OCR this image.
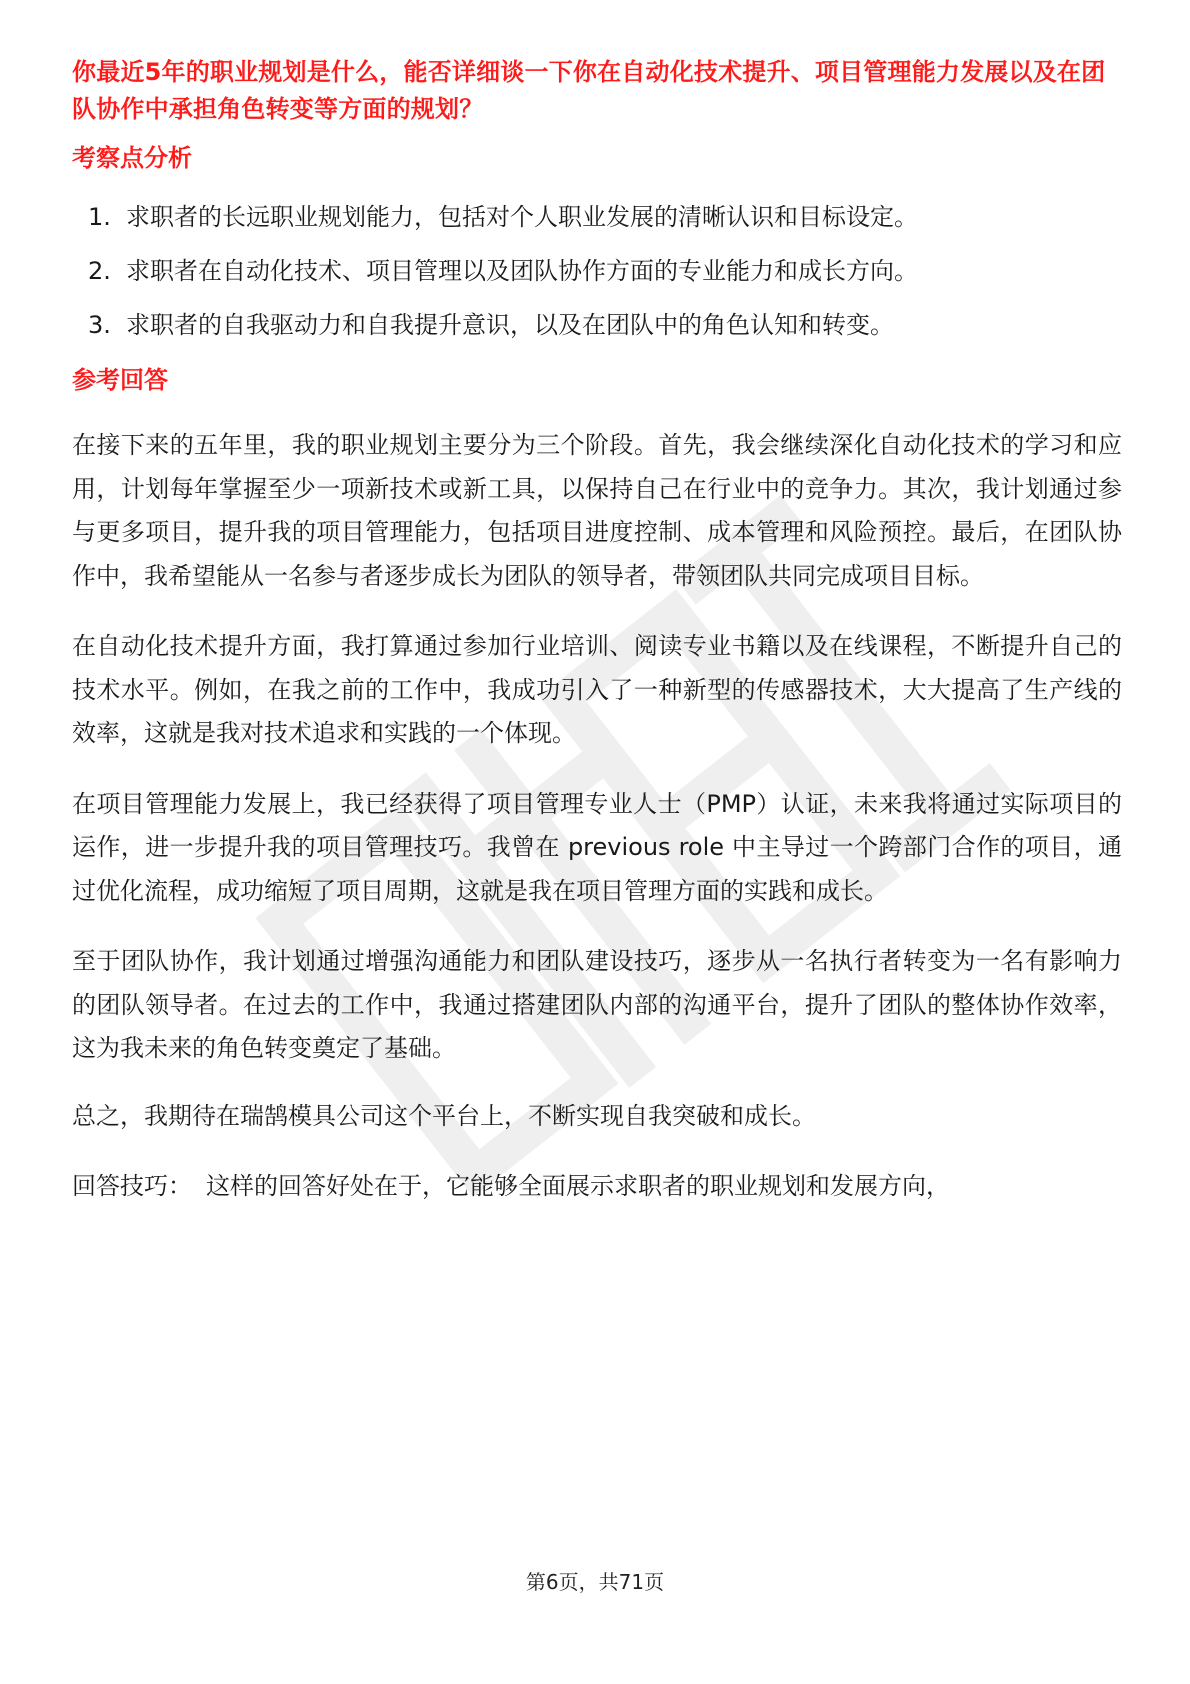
你最近5年的职业规划是什么，能否详细谈一下你在自动化技术提升、项目管理能力发展以及在团队协作中承担角色转变等方面的规划？

考察点分析
1. 求职者的长远职业规划能力，包括对个人职业发展的清晰认识和目标设定。
2. 求职者在自动化技术、项目管理以及团队协作方面的专业能力和成长方向。
3. 求职者的自我驱动力和自我提升意识，以及在团队中的角色认知和转变。
参考回答

在接下来的五年里，我的职业规划主要分为三个阶段。首先，我会继续深化自动化技术的学习和应用，计划每年掌握至少一项新技术或新工具，以保持自己在行业中的竞争力。其次，我计划通过参与更多项目，提升我的项目管理能力，包括项目进度控制、成本管理和风险预控。最后，在团队协作中，我希望能从一名参与者逐步成长为团队的领导者，带领团队共同完成项目目标。

在自动化技术提升方面，我打算通过参加行业培训、阅读专业书籍以及在线课程，不断提升自己的技术水平。例如，在我之前的工作中，我成功引入了一种新型的传感器技术，大大提高了生产线的效率，这就是我对技术追求和实践的一个体现。

在项目管理能力发展上，我已经获得了项目管理专业人士（PMP）认证，未来我将通过实际项目的运作，进一步提升我的项目管理技巧。我曾在 previous role 中主导过一个跨部门合作的项目，通过优化流程，成功缩短了项目周期，这就是我在项目管理方面的实践和成长。

至于团队协作，我计划通过增强沟通能力和团队建设技巧，逐步从一名执行者转变为一名有影响力的团队领导者。在过去的工作中，我通过搭建团队内部的沟通平台，提升了团队的整体协作效率，这为我未来的角色转变奠定了基础。

总之，我期待在瑞鹄模具公司这个平台上，不断实现自我突破和成长。

回答技巧： 这样的回答好处在于，它能够全面展示求职者的职业规划和发展方向，

第6页，共71页
